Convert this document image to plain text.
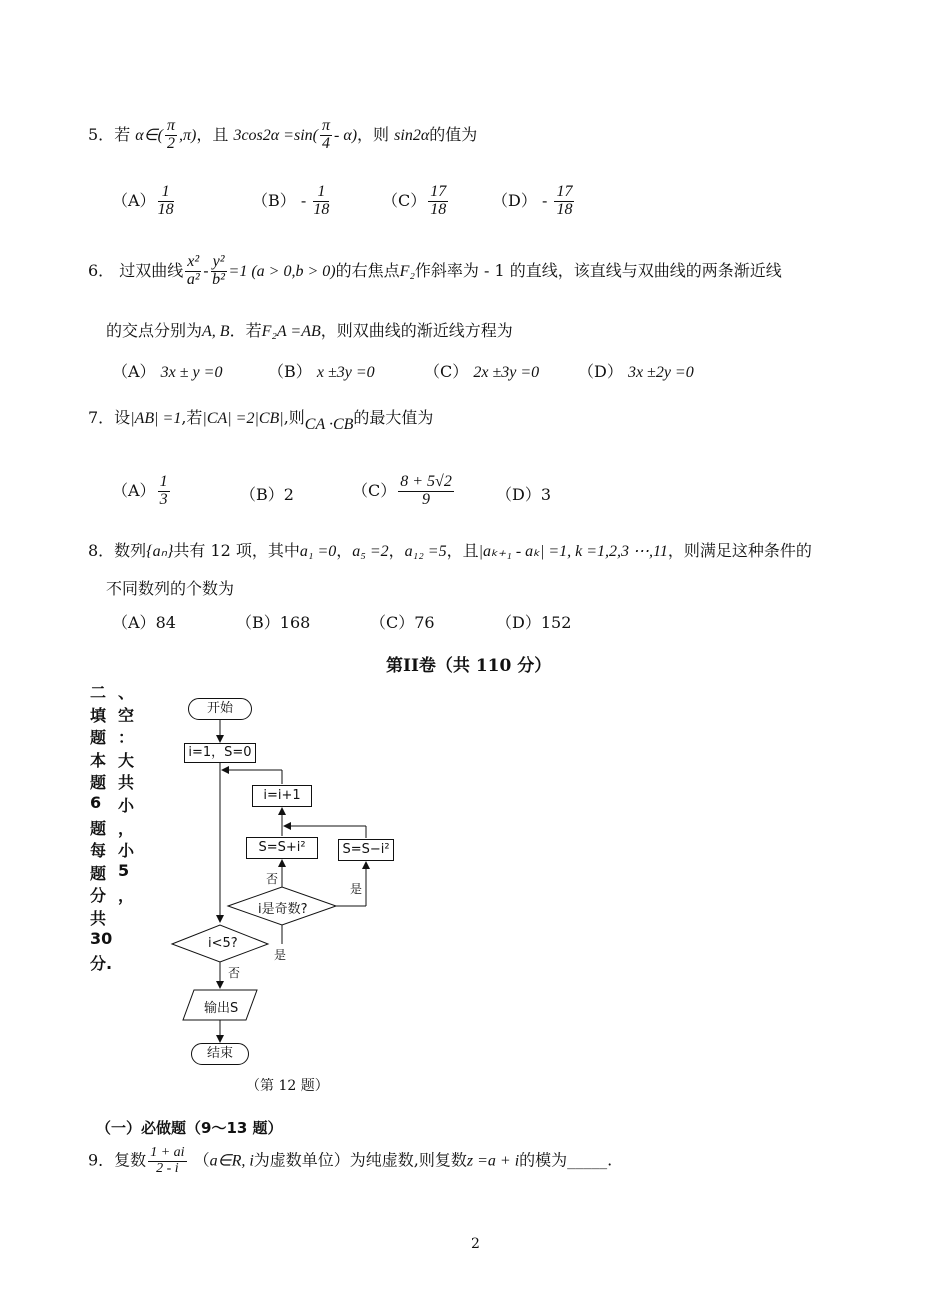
5．若 α∈( $\frac{\pi}{2} ,\pi$)，且 $3\cos 2\alpha =\sin( \frac{\pi}{4} - \alpha)$，则 sin2α的值为
$(A) \frac{1}{18}$	$(B) - \frac{1}{18}$	$(C) \frac{17}{18}$	$(D) - \frac{17}{18}$
6． 过双曲线 $\frac{\text{x²}}{\text{a²}} - \frac{\text{y²}}{\text{b²}} =1$ (a > 0,b > 0)的右焦点F₂作斜率为 - 1 的直线，该直线与双曲线的两条渐近线
的交点分别为A, B．若F₂A =AB，则双曲线的渐近线方程为
（A） 3x ± y =0	（B） x ±3y =0	（C） 2x ±3y =0 （D） 3x ±2y =0
7．设|AB| =1,若|CA| =2|CB|,则CA ·CB的最大值为
$(A) \frac{1}{3}$	（B）2	$(C) \frac{8 + 5√2}{9}$	（D）3
8．数列{aₙ}共有 12 项，其中a₁ =0，a₅ =2，a₁₂ =5，且|aₖ₊₁ - aₖ| =1, k =1,2,3 ⋯,11，则满足这种条件的
不同数列的个数为
（A）84	（B）168	（C）76	（D）152
第II卷（共 110 分）
二 、
填 空
题 ：
本 大
题 共
6 小
题 ，
每 小
题 5
分 ，
共
30
分.
开始
i=1，S=0
i=i+1
S=S+i²	S=S−i²
i是奇数?
i<5?
否
是
是
否
输出S
结束
（第 12 题）
（一）必做题（9～13 题）
9．复数 $\frac{1 + ai}{2 - i}$ （a∈R, i为虚数单位）为纯虚数,则复数z =a + i的模为_____.
2
